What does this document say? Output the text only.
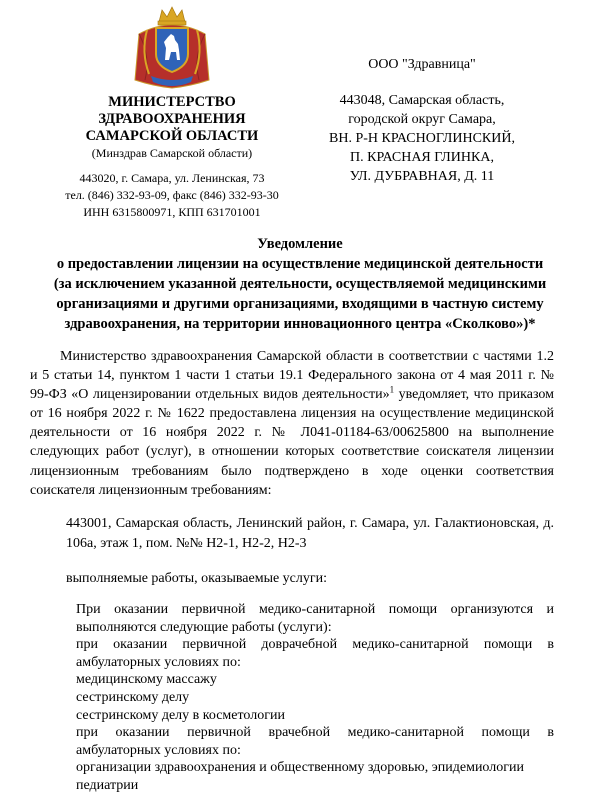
МИНИСТЕРСТВО
ЗДРАВООХРАНЕНИЯ
САМАРСКОЙ ОБЛАСТИ
(Минздрав Самарской области)
443020, г. Самара, ул. Ленинская, 73
тел. (846) 332-93-09, факс (846) 332-93-30
ИНН 6315800971, КПП 631701001
ООО "Здравница"
443048, Самарская область,
городской округ Самара,
ВН. Р-Н КРАСНОГЛИНСКИЙ,
П. КРАСНАЯ ГЛИНКА,
УЛ. ДУБРАВНАЯ, Д. 11
Уведомление
о предоставлении лицензии на осуществление медицинской деятельности
(за исключением указанной деятельности, осуществляемой медицинскими
организациями и другими организациями, входящими в частную систему
здравоохранения, на территории инновационного центра «Сколково»)*

Министерство здравоохранения Самарской области в соответствии с частями 1.2 и 5 статьи 14, пунктом 1 части 1 статьи 19.1 Федерального закона от 4 мая 2011 г. № 99-ФЗ «О лицензировании отдельных видов деятельности»$^1$ уведомляет, что приказом от 16 ноября 2022 г. № 1622 предоставлена лицензия на осуществление медицинской деятельности от 16 ноября 2022 г. № Л041-01184-63/00625800 на выполнение следующих работ (услуг), в отношении которых соответствие соискателя лицензии лицензионным требованиям было подтверждено в ходе оценки соответствия соискателя лицензионным требованиям:

443001, Самарская область, Ленинский район, г. Самара, ул. Галактионовская, д. 106а, этаж 1, пом. №№ Н2-1, Н2-2, Н2-3
выполняемые работы, оказываемые услуги:
При оказании первичной медико-санитарной помощи организуются и выполняются следующие работы (услуги):
при оказании первичной доврачебной медико-санитарной помощи в амбулаторных условиях по:
медицинскому массажу
сестринскому делу
сестринскому делу в косметологии
при оказании первичной врачебной медико-санитарной помощи в амбулаторных условиях по:
организации здравоохранения и общественному здоровью, эпидемиологии
педиатрии
